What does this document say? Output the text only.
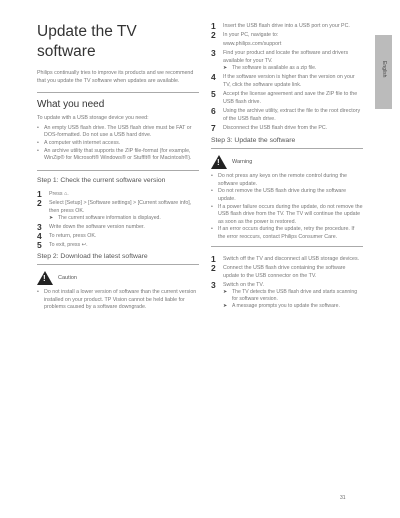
Update the TV software

Philips continually tries to improve its products and we recommend that you update the TV software when updates are available.

What you need

To update with a USB storage device you need:

• An empty USB flash drive. The USB flash drive must be FAT or DOS-formatted. Do not use a USB hard drive.
• A computer with internet access.
• An archive utility that supports the ZIP file-format (for example, WinZip® for Microsoft® Windows® or StuffIt® for Macintosh®).
Step 1: Check the current software version
1 Press ⌂.
2 Select [Setup] > [Software settings] > [Current software info], then press OK.
➤ The current software information is displayed.
3 Write down the software version number.
4 To return, press OK.
5 To exit, press ↩.
Step 2: Download the latest software
! Caution
• Do not install a lower version of software than the current version installed on your product. TP Vision cannot be held liable for problems caused by a software downgrade.
1 Insert the USB flash drive into a USB port on your PC.
2 In your PC, navigate to:
www.philips.com/support
3 Find your product and locate the software and drivers available for your TV.
➤ The software is available as a zip file.
4 If the software version is higher than the version on your TV, click the software update link.
5 Accept the license agreement and save the ZIP file to the USB flash drive.
6 Using the archive utility, extract the file to the root directory of the USB flash drive.
7 Disconnect the USB flash drive from the PC.
Step 3: Update the software
! Warning
• Do not press any keys on the remote control during the software update.
• Do not remove the USB flash drive during the software update.
• If a power failure occurs during the update, do not remove the USB flash drive from the TV. The TV will continue the update as soon as the power is restored.
• If an error occurs during the update, retry the procedure. If the error reoccurs, contact Philips Consumer Care.
1 Switch off the TV and disconnect all USB storage devices.
2 Connect the USB flash drive containing the software update to the USB connector on the TV.
3 Switch on the TV.
➤ The TV detects the USB flash drive and starts scanning for software version.
➤ A message prompts you to update the software.
English
31
